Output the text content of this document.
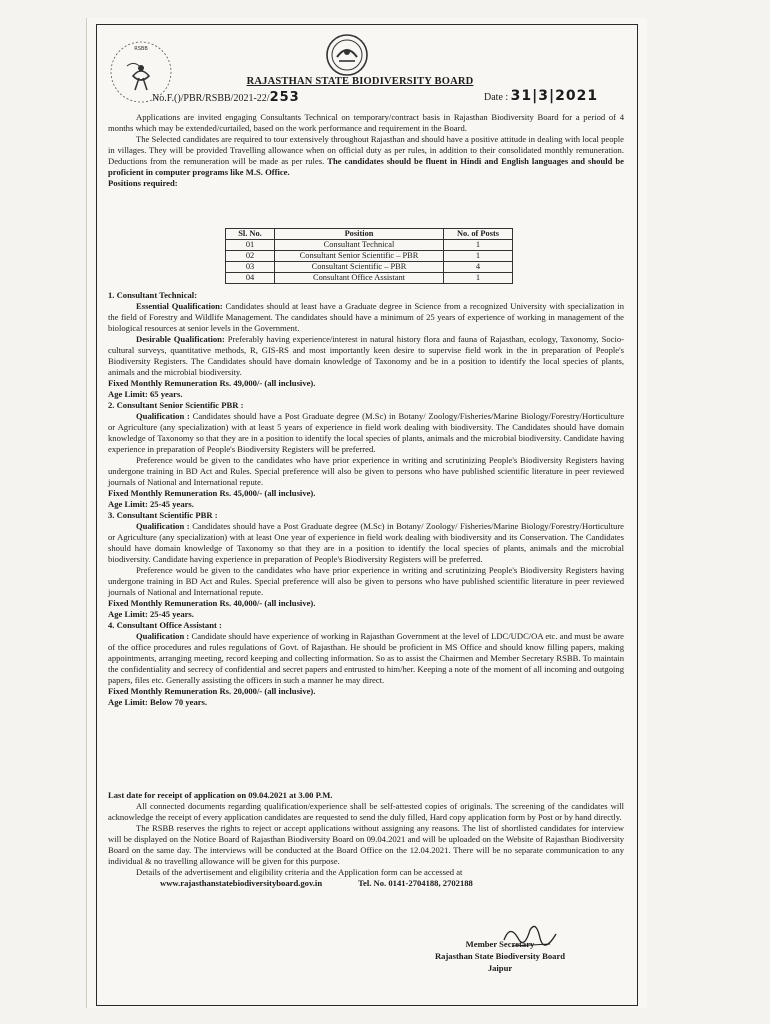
RSBB
RAJASTHAN STATE BIODIVERSITY BOARD
No.F.()/PBR/RSBB/2021-22/253	Date : 31|3|2021

Applications are invited engaging Consultants Technical on temporary/contract basis in Rajasthan Biodiversity Board for a period of 4 months which may be extended/curtailed, based on the work performance and requirement in the Board.

The Selected candidates are required to tour extensively throughout Rajasthan and should have a positive attitude in dealing with local people in villages. They will be provided Travelling allowance when on official duty as per rules, in addition to their consolidated monthly remuneration. Deductions from the remuneration will be made as per rules. The candidates should be fluent in Hindi and English languages and should be proficient in computer programs like M.S. Office.

Positions required:

Sl. No.	Position	No. of Posts
01	Consultant Technical	1
02	Consultant Senior Scientific – PBR	1
03	Consultant Scientific – PBR	4
04	Consultant Office Assistant	1

1. Consultant Technical:

Essential Qualification: Candidates should at least have a Graduate degree in Science from a recognized University with specialization in the field of Forestry and Wildlife Management. The candidates should have a minimum of 25 years of experience of working in management of the biological resources at senior levels in the Government.

Desirable Qualification: Preferably having experience/interest in natural history flora and fauna of Rajasthan, ecology, Taxonomy, Socio-cultural surveys, quantitative methods, R, GIS-RS and most importantly keen desire to supervise field work in the in preparation of People's Biodiversity Registers. The Candidates should have domain knowledge of Taxonomy and be in a position to identify the local species of plants, animals and the microbial biodiversity.

Fixed Monthly Remuneration Rs. 49,000/- (all inclusive).

Age Limit: 65 years.

2. Consultant Senior Scientific PBR :

Qualification : Candidates should have a Post Graduate degree (M.Sc) in Botany/ Zoology/Fisheries/Marine Biology/Forestry/Horticulture or Agriculture (any specialization) with at least 5 years of experience in field work dealing with biodiversity. The Candidates should have domain knowledge of Taxonomy so that they are in a position to identify the local species of plants, animals and the microbial biodiversity. Candidate having experience in preparation of People's Biodiversity Registers will be preferred.

Preference would be given to the candidates who have prior experience in writing and scrutinizing People's Biodiversity Registers having undergone training in BD Act and Rules. Special preference will also be given to persons who have published scientific literature in peer reviewed journals of National and International repute.

Fixed Monthly Remuneration Rs. 45,000/- (all inclusive).

Age Limit: 25-45 years.

3. Consultant Scientific PBR :

Qualification : Candidates should have a Post Graduate degree (M.Sc) in Botany/ Zoology/ Fisheries/Marine Biology/Forestry/Horticulture or Agriculture (any specialization) with at least One year of experience in field work dealing with biodiversity and its Conservation. The Candidates should have domain knowledge of Taxonomy so that they are in a position to identify the local species of plants, animals and the microbial biodiversity. Candidate having experience in preparation of People's Biodiversity Registers will be preferred.

Preference would be given to the candidates who have prior experience in writing and scrutinizing People's Biodiversity Registers having undergone training in BD Act and Rules. Special preference will also be given to persons who have published scientific literature in peer reviewed journals of National and International repute.

Fixed Monthly Remuneration Rs. 40,000/- (all inclusive).

Age Limit: 25-45 years.

4. Consultant Office Assistant :

Qualification : Candidate should have experience of working in Rajasthan Government at the level of LDC/UDC/OA etc. and must be aware of the office procedures and rules regulations of Govt. of Rajasthan. He should be proficient in MS Office and should know filling papers, making appointments, arranging meeting, record keeping and collecting information. So as to assist the Chairmen and Member Secretary RSBB. To maintain the confidentiality and secrecy of confidential and secret papers and entrusted to him/her. Keeping a note of the moment of all incoming and outgoing papers, files etc. Generally assisting the officers in such a manner he may direct.

Fixed Monthly Remuneration Rs. 20,000/- (all inclusive).

Age Limit: Below 70 years.

Last date for receipt of application on 09.04.2021 at 3.00 P.M.

All connected documents regarding qualification/experience shall be self-attested copies of originals. The screening of the candidates will acknowledge the receipt of every application candidates are requested to send the duly filled, Hard copy application form by Post or by hand directly.

The RSBB reserves the rights to reject or accept applications without assigning any reasons. The list of shortlisted candidates for interview will be displayed on the Notice Board of Rajasthan Biodiversity Board on 09.04.2021 and will be uploaded on the Website of Rajasthan Biodiversity Board on the same day. The interviews will be conducted at the Board Office on the 12.04.2021. There will be no separate communication to any individual & no travelling allowance will be given for this purpose.

Details of the advertisement and eligibility criteria and the Application form can be accessed at

www.rajasthanstatebiodiversityboard.gov.in	Tel. No. 0141-2704188, 2702188

Member Secretary
Rajasthan State Biodiversity Board
Jaipur
